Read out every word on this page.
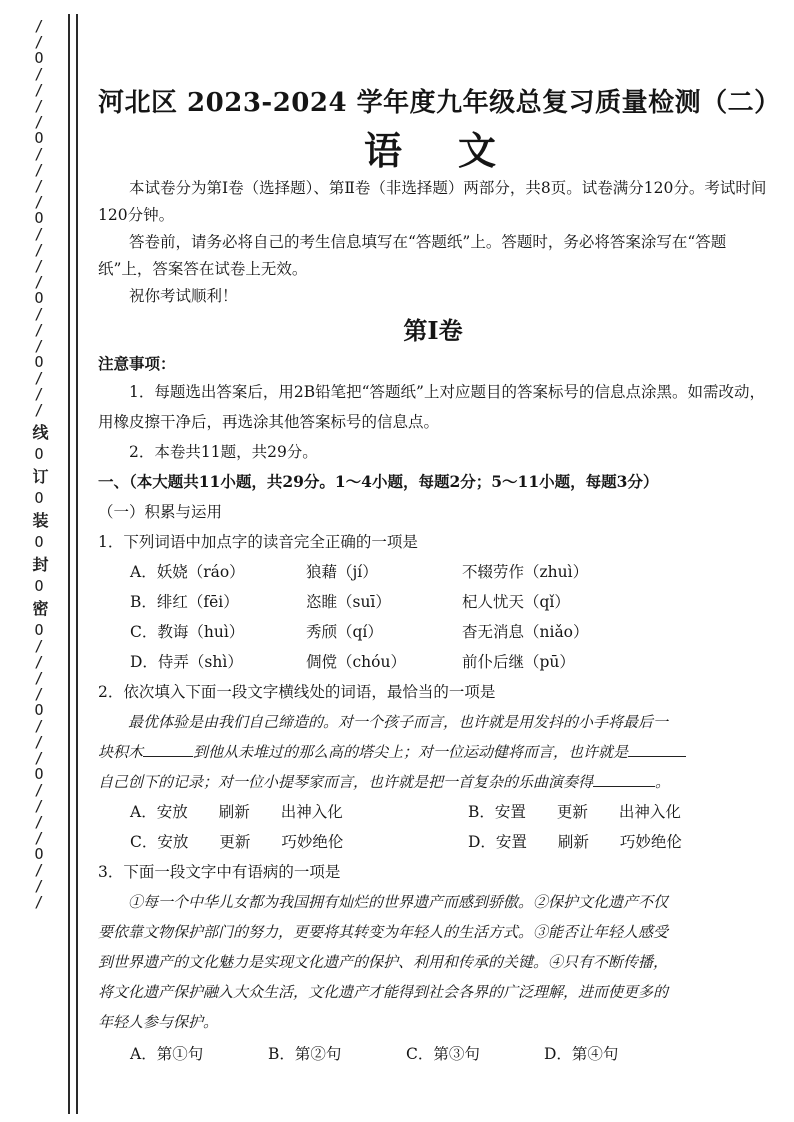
/
/
O
/
/
/
/
O
/
/
/
/
O
/
/
/
/
O
/
/
/
O
/
/
/
线
O
订
O
装
O
封
O
密
O
/
/
/
/
O
/
/
/
O
/
/
/
/
O
/
/
/
河北区 2023-2024 学年度九年级总复习质量检测（二）
语文

本试卷分为第Ⅰ卷（选择题）、第Ⅱ卷（非选择题）两部分，共8页。试卷满分120分。考试时间120分钟。

答卷前，请务必将自己的考生信息填写在“答题纸”上。答题时，务必将答案涂写在“答题纸”上，答案答在试卷上无效。

祝你考试顺利！

第Ⅰ卷

注意事项：

1．每题选出答案后，用2B铅笔把“答题纸”上对应题目的答案标号的信息点涂黑。如需改动，用橡皮擦干净后，再选涂其他答案标号的信息点。

2．本卷共11题，共29分。

一、（本大题共11小题，共29分。1～4小题，每题2分；5～11小题，每题3分）

（一）积累与运用

1．下列词语中加点字的读音完全正确的一项是

A．妖娆（ráo）	狼藉（jí）	不辍劳作（zhuì）
B．绯红（fēi）	恣睢（suī）	杞人忧天（qǐ）
C．教诲（huì）	秀颀（qí）	杳无消息（niǎo）
D．侍弄（shì）	倜傥（chóu）	前仆后继（pū）

2．依次填入下面一段文字横线处的词语，最恰当的一项是

最优体验是由我们自己缔造的。对一个孩子而言，也许就是用发抖的小手将最后一
块积木	到他从未堆过的那么高的塔尖上；对一位运动健将而言，也许就是
自己创下的记录；对一位小提琴家而言，也许就是把一首复杂的乐曲演奏得	。
A．安放　　刷新　　出神入化	B．安置　　更新　　出神入化
C．安放　　更新　　巧妙绝伦	D．安置　　刷新　　巧妙绝伦

3．下面一段文字中有语病的一项是

①每一个中华儿女都为我国拥有灿烂的世界遗产而感到骄傲。②保护文化遗产不仅
要依靠文物保护部门的努力，更要将其转变为年轻人的生活方式。③能否让年轻人感受
到世界遗产的文化魅力是实现文化遗产的保护、利用和传承的关键。④只有不断传播，
将文化遗产保护融入大众生活，文化遗产才能得到社会各界的广泛理解，进而使更多的
年轻人参与保护。
A．第①句	B．第②句	C．第③句	D．第④句
